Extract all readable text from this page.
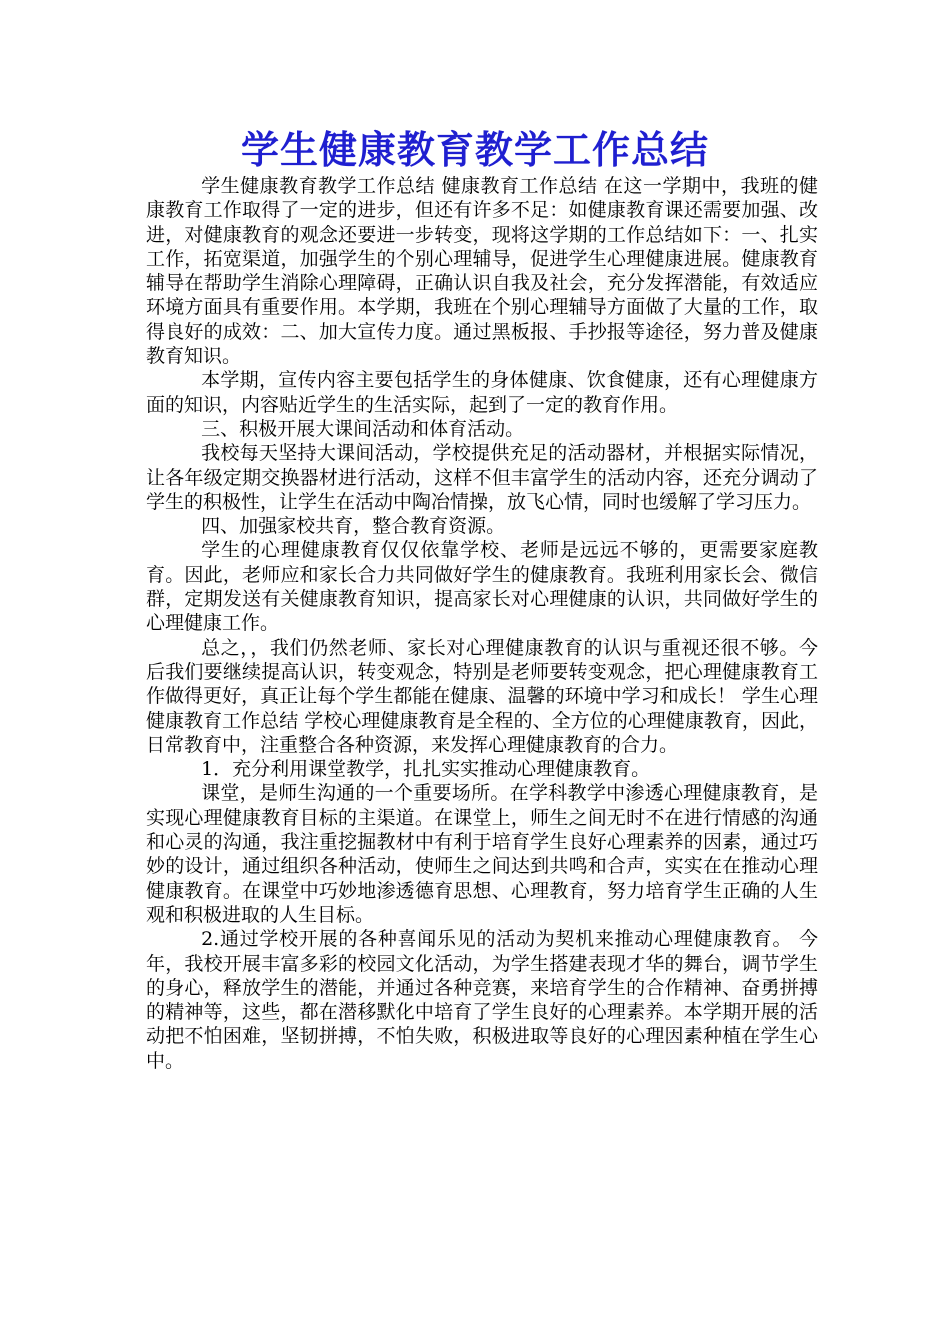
学生健康教育教学工作总结

学生健康教育教学工作总结 健康教育工作总结 在这一学期中，我班的健康教育工作取得了一定的进步，但还有许多不足：如健康教育课还需要加强、改进，对健康教育的观念还要进一步转变，现将这学期的工作总结如下：一、扎实工作，拓宽渠道，加强学生的个别心理辅导，促进学生心理健康进展。健康教育辅导在帮助学生消除心理障碍，正确认识自我及社会，充分发挥潜能，有效适应环境方面具有重要作用。本学期，我班在个别心理辅导方面做了大量的工作，取得良好的成效：二、加大宣传力度。通过黑板报、手抄报等途径，努力普及健康教育知识。

本学期，宣传内容主要包括学生的身体健康、饮食健康，还有心理健康方面的知识，内容贴近学生的生活实际，起到了一定的教育作用。

三、积极开展大课间活动和体育活动。

我校每天坚持大课间活动，学校提供充足的活动器材，并根据实际情况，让各年级定期交换器材进行活动，这样不但丰富学生的活动内容，还充分调动了学生的积极性，让学生在活动中陶冶情操，放飞心情，同时也缓解了学习压力。

四、加强家校共育，整合教育资源。

学生的心理健康教育仅仅依靠学校、老师是远远不够的，更需要家庭教育。因此，老师应和家长合力共同做好学生的健康教育。我班利用家长会、微信群，定期发送有关健康教育知识，提高家长对心理健康的认识，共同做好学生的心理健康工作。

总之，，我们仍然老师、家长对心理健康教育的认识与重视还很不够。今后我们要继续提高认识，转变观念，特别是老师要转变观念，把心理健康教育工作做得更好，真正让每个学生都能在健康、温馨的环境中学习和成长！ 学生心理健康教育工作总结 学校心理健康教育是全程的、全方位的心理健康教育，因此，日常教育中，注重整合各种资源，来发挥心理健康教育的合力。

1．充分利用课堂教学，扎扎实实推动心理健康教育。

课堂，是师生沟通的一个重要场所。在学科教学中渗透心理健康教育，是实现心理健康教育目标的主渠道。在课堂上，师生之间无时不在进行情感的沟通和心灵的沟通，我注重挖掘教材中有利于培育学生良好心理素养的因素，通过巧妙的设计，通过组织各种活动，使师生之间达到共鸣和合声，实实在在推动心理健康教育。在课堂中巧妙地渗透德育思想、心理教育，努力培育学生正确的人生观和积极进取的人生目标。

2.通过学校开展的各种喜闻乐见的活动为契机来推动心理健康教育。 今年，我校开展丰富多彩的校园文化活动，为学生搭建表现才华的舞台，调节学生的身心，释放学生的潜能，并通过各种竞赛，来培育学生的合作精神、奋勇拼搏的精神等，这些，都在潜移默化中培育了学生良好的心理素养。本学期开展的活动把不怕困难，坚韧拼搏，不怕失败，积极进取等良好的心理因素种植在学生心中。
